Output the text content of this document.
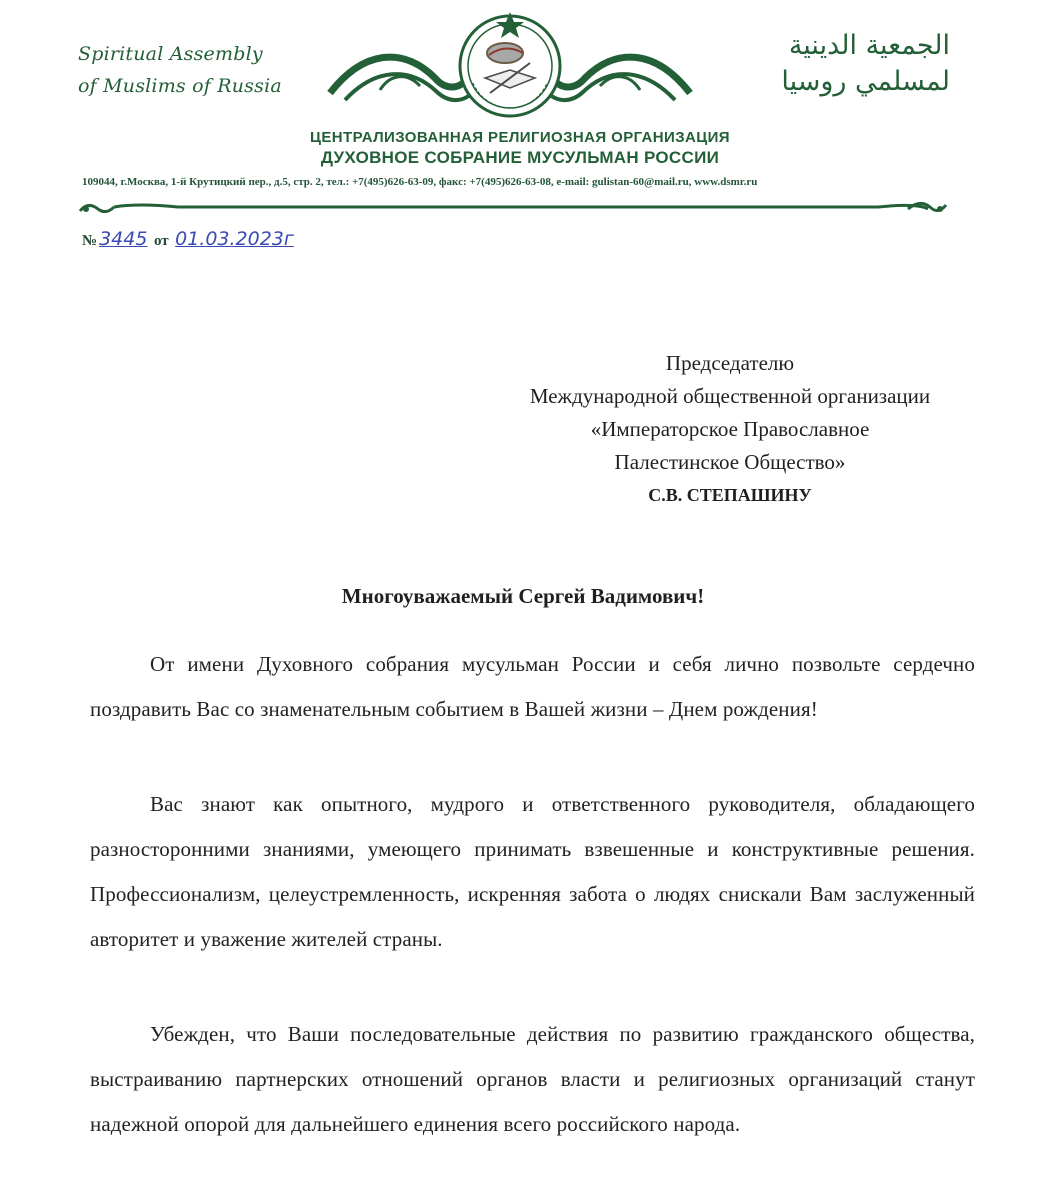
Spiritual Assembly
of Muslims of Russia
الجمعية الدينية
لمسلمي روسيا
ЦЕНТРАЛИЗОВАННАЯ РЕЛИГИОЗНАЯ ОРГАНИЗАЦИЯ
ДУХОВНОЕ СОБРАНИЕ МУСУЛЬМАН РОССИИ
109044, г.Москва, 1-й Крутицкий пер., д.5, стр. 2, тел.: +7(495)626-63-09, факс: +7(495)626-63-08, e-mail: gulistan-60@mail.ru, www.dsmr.ru
№ 3445 от 01.03.2023г
Председателю
Международной общественной организации
«Императорское Православное
Палестинское Общество»
С.В. СТЕПАШИНУ
Многоуважаемый Сергей Вадимович!
От имени Духовного собрания мусульман России и себя лично позвольте сердечно поздравить Вас со знаменательным событием в Вашей жизни – Днем рождения!
Вас знают как опытного, мудрого и ответственного руководителя, обладающего разносторонними знаниями, умеющего принимать взвешенные и конструктивные решения. Профессионализм, целеустремленность, искренняя забота о людях снискали Вам заслуженный авторитет и уважение жителей страны.
Убежден, что Ваши последовательные действия по развитию гражданского общества, выстраиванию партнерских отношений органов власти и религиозных организаций станут надежной опорой для дальнейшего единения всего российского народа.
